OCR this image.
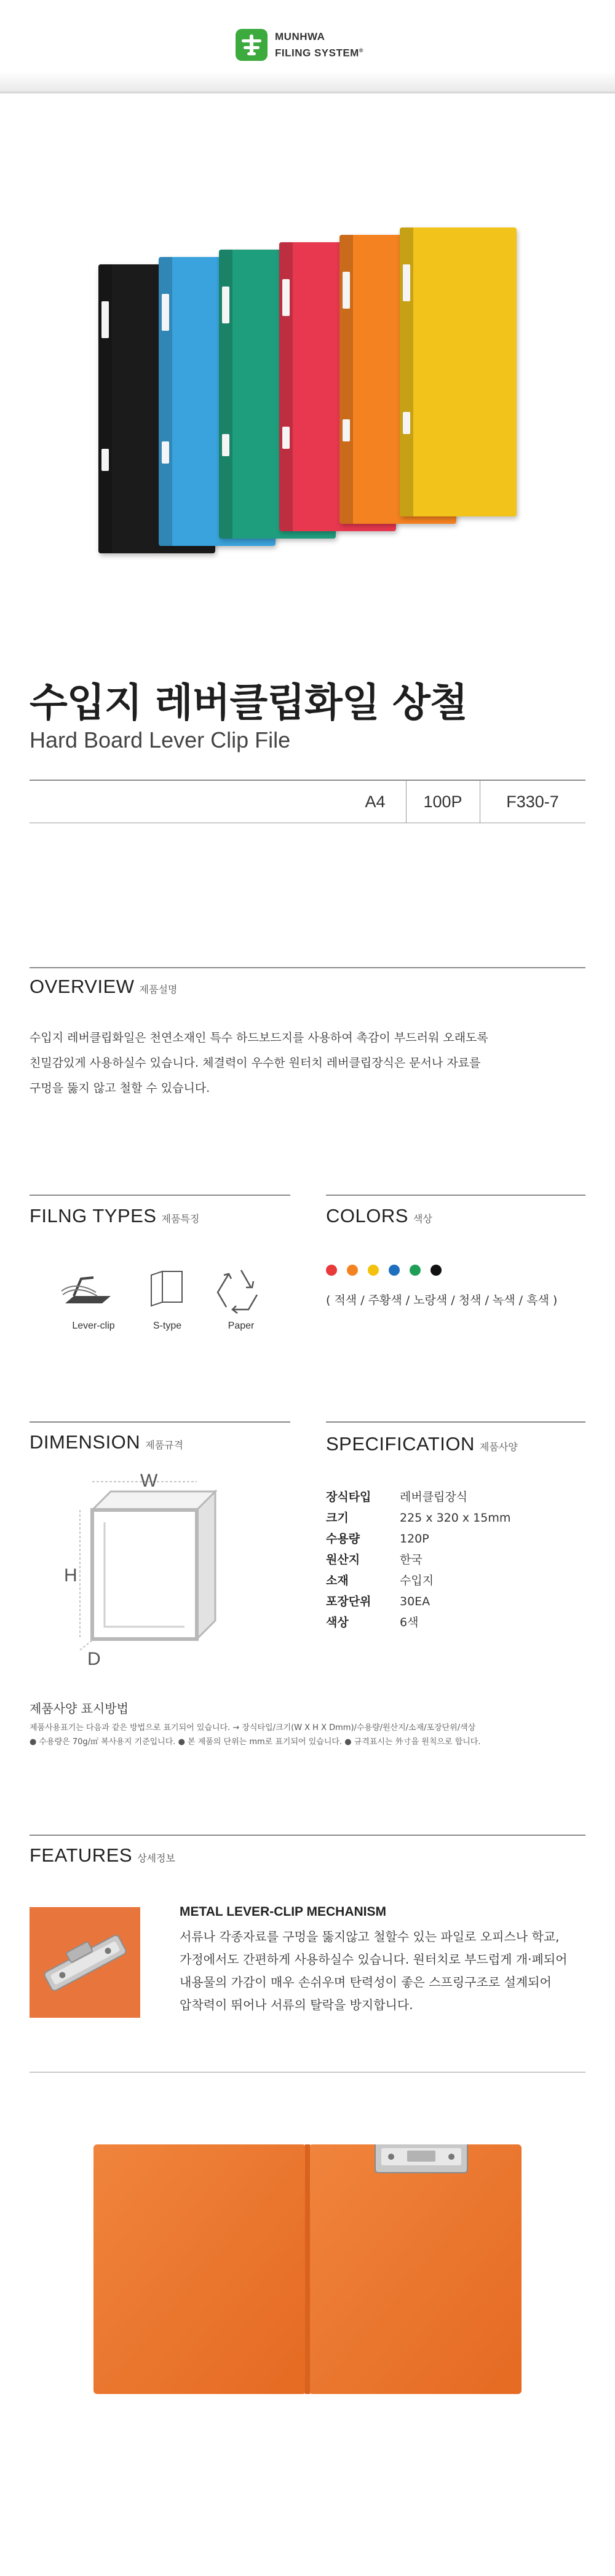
MUNHWA
FILING SYSTEM®
수입지 레버클립화일 상철
Hard Board Lever Clip File
A4	100P	F330-7
OVERVIEW 제품설명
수입지 레버클립화일은 천연소재인 특수 하드보드지를 사용하여 촉감이 부드러워 오래도록
친밀감있게 사용하실수 있습니다. 체결력이 우수한 원터치 레버클립장식은 문서나 자료를
구멍을 뚫지 않고 철할 수 있습니다.
FILNG TYPES 제품특징	COLORS 색상
Lever-clip	S-type	Paper
( 적색 / 주황색 / 노랑색 / 청색 / 녹색 / 흑색 )
DIMENSION 제품규격	SPECIFICATION 제품사양
W
H
D
장식타입	레버클립장식
크기	225 x 320 x 15mm
수용량	120P
원산지	한국
소재	수입지
포장단위	30EA
색상	6색
제품사양 표시방법
제품사용표기는 다음과 같은 방법으로 표기되어 있습니다. → 장식타입/크기(W X H X Dmm)/수용량/원산지/소재/포장단위/색상
● 수용량은 70g/㎡ 복사용지 기준입니다. ● 본 제품의 단위는 mm로 표기되어 있습니다. ● 규격표시는 外寸을 원칙으로 합니다.
FEATURES 상세정보
METAL LEVER-CLIP MECHANISM
서류나 각종자료를 구멍을 뚫지않고 철할수 있는 파일로 오피스나 학교,
가정에서도 간편하게 사용하실수 있습니다. 원터치로 부드럽게 개·폐되어
내용물의 가감이 매우 손쉬우며 탄력성이 좋은 스프링구조로 설계되어
압착력이 뛰어나 서류의 탈락을 방지합니다.
